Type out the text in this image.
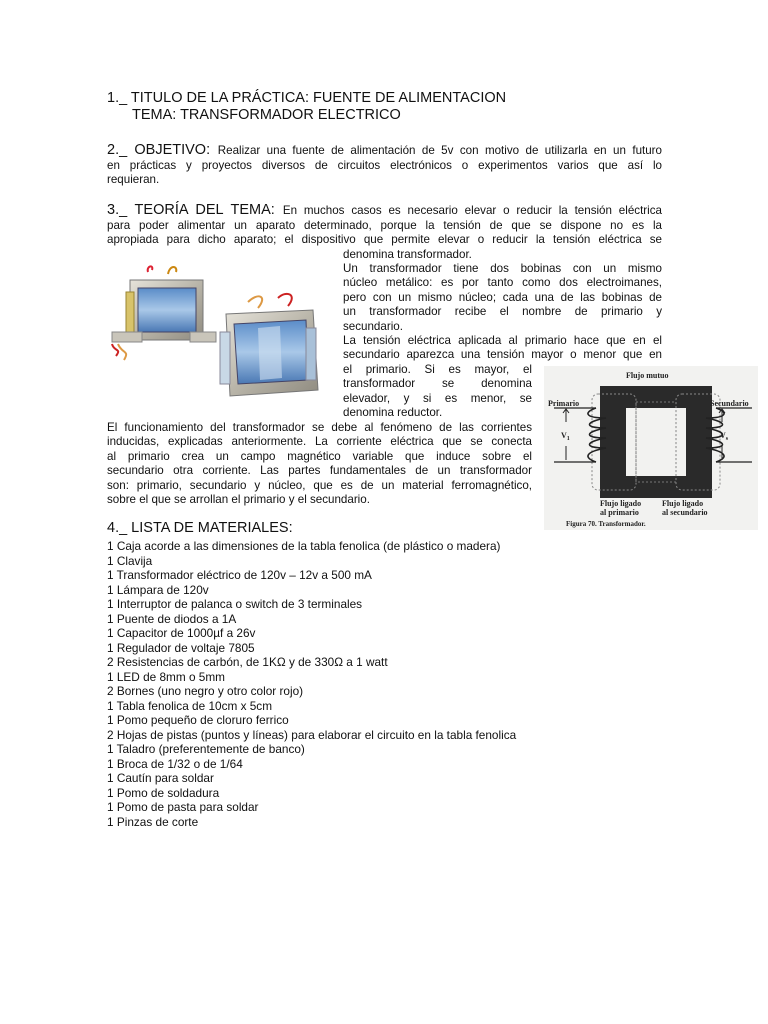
1._ TITULO DE LA PRÁCTICA: FUENTE DE ALIMENTACION
TEMA: TRANSFORMADOR ELECTRICO
2._ OBJETIVO: Realizar una fuente de alimentación de 5v con motivo de utilizarla en un futuro
en prácticas y proyectos diversos de circuitos electrónicos o experimentos varios que así lo
requieran.
3._ TEORÍA DEL TEMA: En muchos casos es necesario elevar o reducir la tensión eléctrica
para poder alimentar un aparato determinado, porque la tensión de que se dispone no es la
apropiada para dicho aparato; el dispositivo que permite elevar o reducir la tensión eléctrica se
denomina transformador.
Un transformador tiene dos bobinas con un mismo
núcleo metálico: es por tanto como dos electroimanes,
pero con un mismo núcleo; cada una de las bobinas de
un transformador recibe el nombre de primario y
secundario.
La tensión eléctrica aplicada al primario hace que en el
secundario aparezca una tensión mayor o menor que en
el primario. Si es mayor, el
transformador se denomina
elevador, y si es menor, se
denomina reductor.
El funcionamiento del transformador se debe al fenómeno de las corrientes
inducidas, explicadas anteriormente. La corriente eléctrica que se conecta
al primario crea un campo magnético variable que induce sobre el
secundario otra corriente. Las partes fundamentales de un transformador
son: primario, secundario y núcleo, que es de un material ferromagnético,
sobre el que se arrollan el primario y el secundario.
Flujo mutuo
Primario	Secundario
$V_1$	$V_s$
Flujo ligado
al primario
Flujo ligado
al secundario
Figura 70. Transformador.
4._ LISTA DE MATERIALES:
1 Caja acorde a las dimensiones de la tabla fenolica (de plástico o madera)
1 Clavija
1 Transformador eléctrico de 120v – 12v a 500 mA
1 Lámpara de 120v
1 Interruptor de palanca o switch de 3 terminales
1 Puente de diodos a 1A
1 Capacitor de 1000µf a 26v
1 Regulador de voltaje 7805
2 Resistencias de carbón, de 1KΩ y de 330Ω a 1 watt
1 LED de 8mm o 5mm
2 Bornes (uno negro y otro color rojo)
1 Tabla fenolica de 10cm x 5cm
1 Pomo pequeño de cloruro ferrico
2 Hojas de pistas (puntos y líneas) para elaborar el circuito en la tabla fenolica
1 Taladro (preferentemente de banco)
1 Broca de 1/32 o de 1/64
1 Cautín para soldar
1 Pomo de soldadura
1 Pomo de pasta para soldar
1 Pinzas de corte
